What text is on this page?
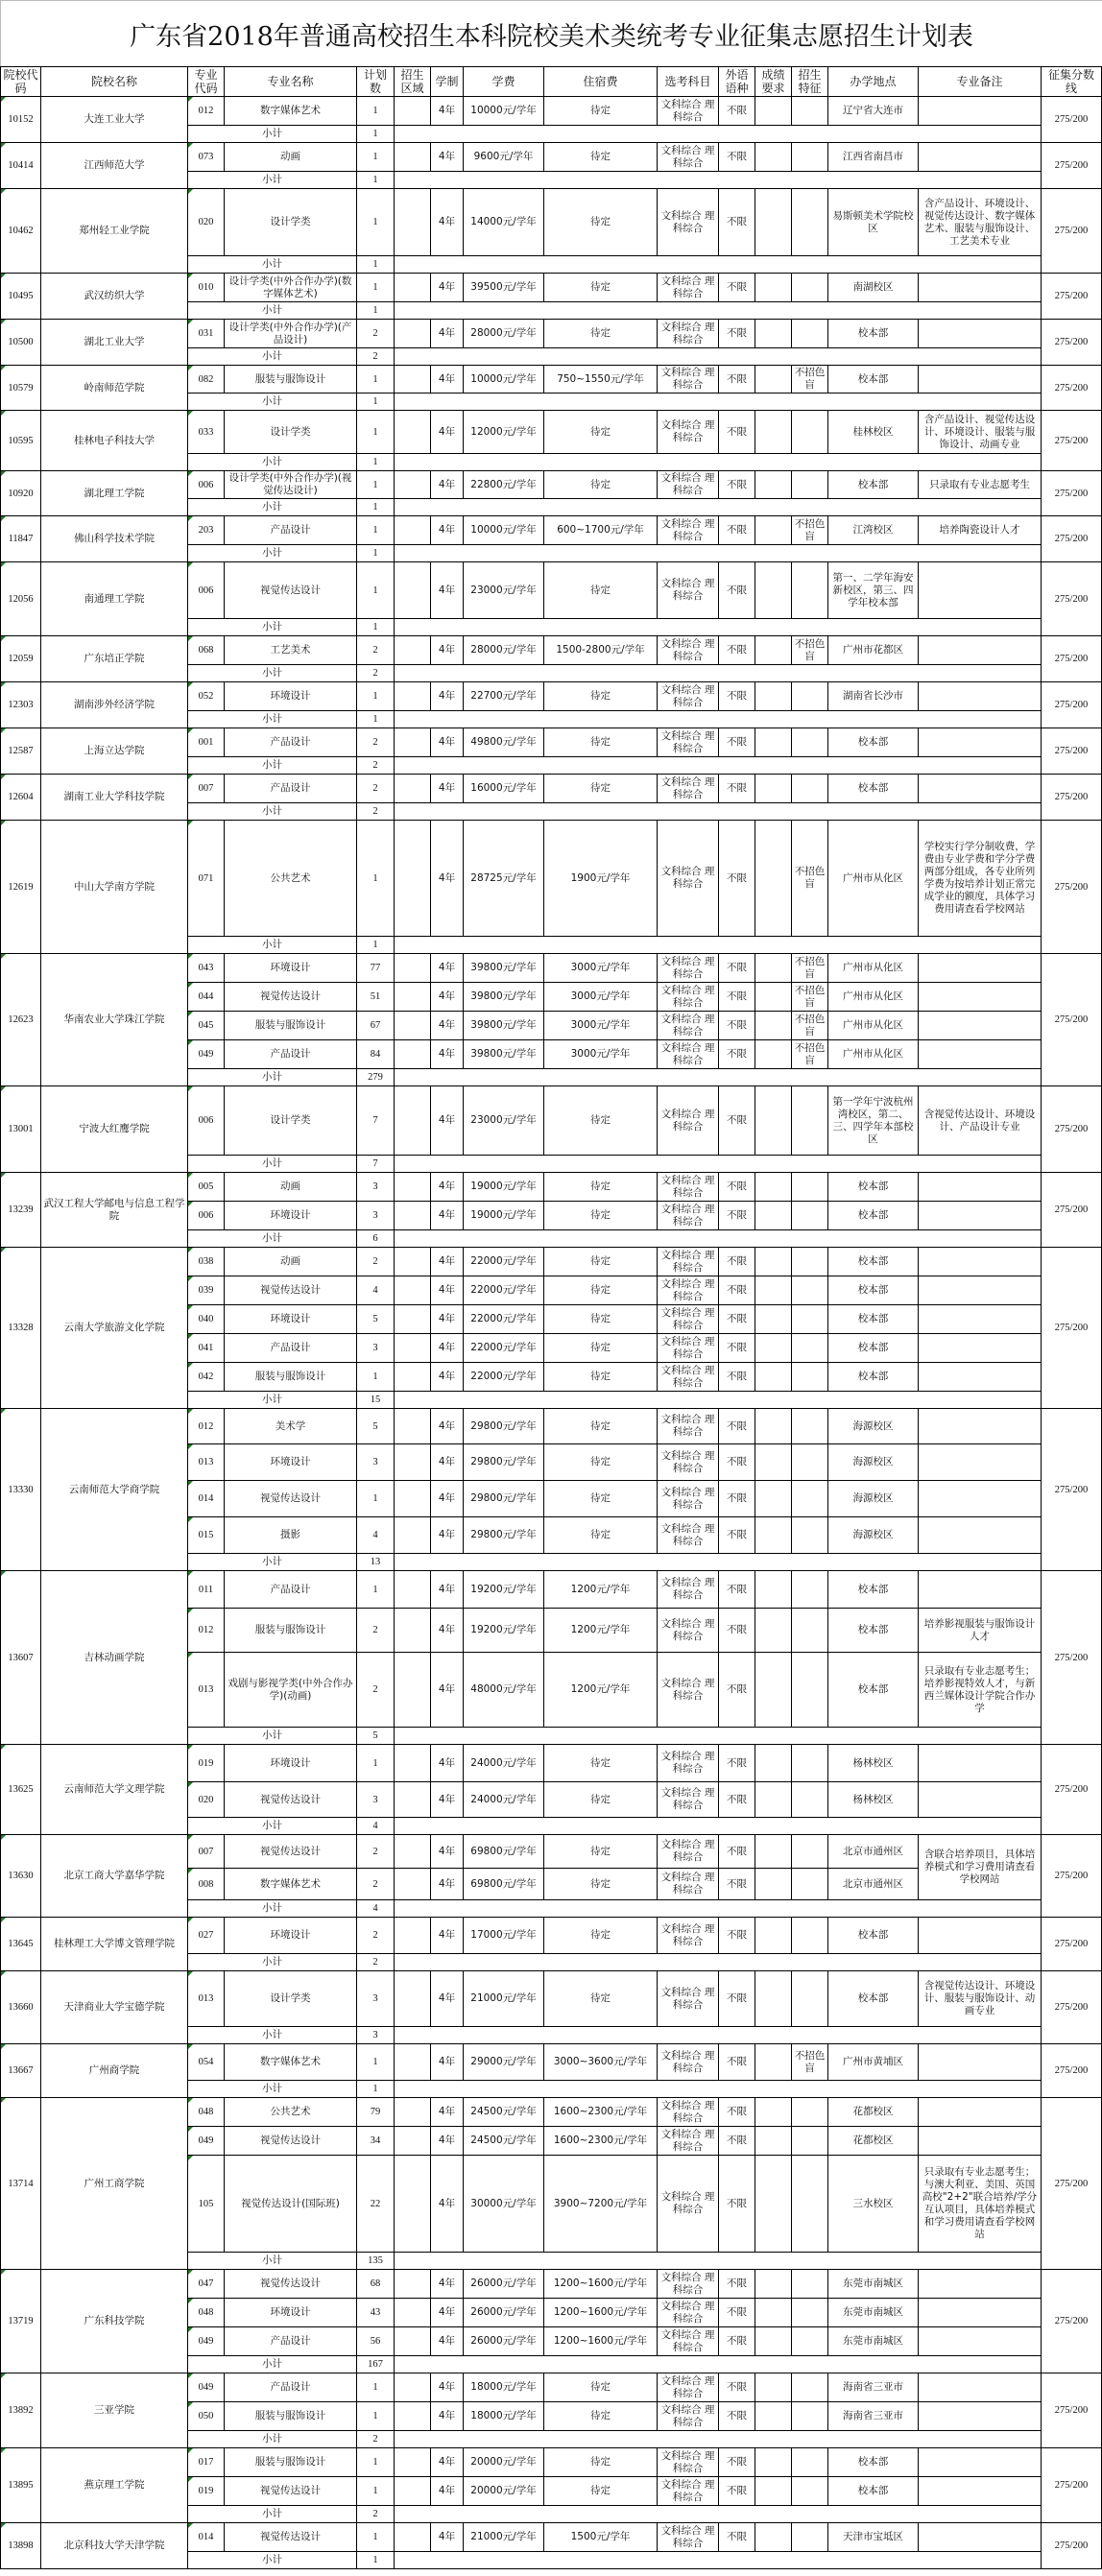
广东省2018年普通高校招生本科院校美术类统考专业征集志愿招生计划表
院校代码	院校名称	专业代码	专业名称	计划数	招生区域	学制	学费	住宿费	选考科目	外语语种	成绩要求	招生特征	办学地点	专业备注	征集分数线
10152	大连工业大学	012	数字媒体艺术	1		4年	10000元/学年	待定	文科综合 理科综合	不限			辽宁省大连市		275/200
		小计		1											
10414	江西师范大学	073	动画	1		4年	9600元/学年	待定	文科综合 理科综合	不限			江西省南昌市		275/200
		小计		1											
10462	郑州轻工业学院	020	设计学类	1		4年	14000元/学年	待定	文科综合 理科综合	不限			易斯顿美术学院校区	含产品设计、环境设计、视觉传达设计、数字媒体艺术、服装与服饰设计、工艺美术专业	275/200
		小计		1											
10495	武汉纺织大学	010	设计学类(中外合作办学)(数字媒体艺术)	1		4年	39500元/学年	待定	文科综合 理科综合	不限			南湖校区		275/200
		小计		1											
10500	湖北工业大学	031	设计学类(中外合作办学)(产品设计)	2		4年	28000元/学年	待定	文科综合 理科综合	不限			校本部		275/200
		小计		2											
10579	岭南师范学院	082	服装与服饰设计	1		4年	10000元/学年	750~1550元/学年	文科综合 理科综合	不限		不招色盲	校本部		275/200
		小计		1											
10595	桂林电子科技大学	033	设计学类	1		4年	12000元/学年	待定	文科综合 理科综合	不限			桂林校区	含产品设计、视觉传达设计、环境设计、服装与服饰设计、动画专业	275/200
		小计		1											
10920	湖北理工学院	006	设计学类(中外合作办学)(视觉传达设计)	1		4年	22800元/学年	待定	文科综合 理科综合	不限			校本部	只录取有专业志愿考生	275/200
		小计		1											
11847	佛山科学技术学院	203	产品设计	1		4年	10000元/学年	600~1700元/学年	文科综合 理科综合	不限		不招色盲	江湾校区	培养陶瓷设计人才	275/200
		小计		1											
12056	南通理工学院	006	视觉传达设计	1		4年	23000元/学年	待定	文科综合 理科综合	不限			第一、二学年海安新校区，第三、四学年校本部		275/200
		小计		1											
12059	广东培正学院	068	工艺美术	2		4年	28000元/学年	1500-2800元/学年	文科综合 理科综合	不限		不招色盲	广州市花都区		275/200
		小计		2											
12303	湖南涉外经济学院	052	环境设计	1		4年	22700元/学年	待定	文科综合 理科综合	不限			湖南省长沙市		275/200
		小计		1											
12587	上海立达学院	001	产品设计	2		4年	49800元/学年	待定	文科综合 理科综合	不限			校本部		275/200
		小计		2											
12604	湖南工业大学科技学院	007	产品设计	2		4年	16000元/学年	待定	文科综合 理科综合	不限			校本部		275/200
		小计		2											
12619	中山大学南方学院	071	公共艺术	1		4年	28725元/学年	1900元/学年	文科综合 理科综合	不限		不招色盲	广州市从化区	学校实行学分制收费，学费由专业学费和学分学费两部分组成，各专业所列学费为按培养计划正常完成学业的额度，具体学习费用请查看学校网站	275/200
		小计		1											
12623	华南农业大学珠江学院	043	环境设计	77		4年	39800元/学年	3000元/学年	文科综合 理科综合	不限		不招色盲	广州市从化区		275/200
		044	视觉传达设计	51		4年	39800元/学年	3000元/学年	文科综合 理科综合	不限		不招色盲	广州市从化区		
		045	服装与服饰设计	67		4年	39800元/学年	3000元/学年	文科综合 理科综合	不限		不招色盲	广州市从化区		
		049	产品设计	84		4年	39800元/学年	3000元/学年	文科综合 理科综合	不限		不招色盲	广州市从化区		
		小计		279											
13001	宁波大红鹰学院	006	设计学类	7		4年	23000元/学年	待定	文科综合 理科综合	不限			第一学年宁波杭州湾校区，第二、三、四学年本部校区	含视觉传达设计、环境设计、产品设计专业	275/200
		小计		7											
13239	武汉工程大学邮电与信息工程学院	005	动画	3		4年	19000元/学年	待定	文科综合 理科综合	不限			校本部		275/200
		006	环境设计	3		4年	19000元/学年	待定	文科综合 理科综合	不限			校本部		
		小计		6											
13328	云南大学旅游文化学院	038	动画	2		4年	22000元/学年	待定	文科综合 理科综合	不限			校本部		275/200
		039	视觉传达设计	4		4年	22000元/学年	待定	文科综合 理科综合	不限			校本部		
		040	环境设计	5		4年	22000元/学年	待定	文科综合 理科综合	不限			校本部		
		041	产品设计	3		4年	22000元/学年	待定	文科综合 理科综合	不限			校本部		
		042	服装与服饰设计	1		4年	22000元/学年	待定	文科综合 理科综合	不限			校本部		
		小计		15											
13330	云南师范大学商学院	012	美术学	5		4年	29800元/学年	待定	文科综合 理科综合	不限			海源校区		275/200
		013	环境设计	3		4年	29800元/学年	待定	文科综合 理科综合	不限			海源校区		
		014	视觉传达设计	1		4年	29800元/学年	待定	文科综合 理科综合	不限			海源校区		
		015	摄影	4		4年	29800元/学年	待定	文科综合 理科综合	不限			海源校区		
		小计		13											
13607	吉林动画学院	011	产品设计	1		4年	19200元/学年	1200元/学年	文科综合 理科综合	不限			校本部		275/200
		012	服装与服饰设计	2		4年	19200元/学年	1200元/学年	文科综合 理科综合	不限			校本部	培养影视服装与服饰设计人才	
		013	戏剧与影视学类(中外合作办学)(动画)	2		4年	48000元/学年	1200元/学年	文科综合 理科综合	不限			校本部	只录取有专业志愿考生；培养影视特效人才，与新西兰媒体设计学院合作办学	
		小计		5											
13625	云南师范大学文理学院	019	环境设计	1		4年	24000元/学年	待定	文科综合 理科综合	不限			杨林校区		275/200
		020	视觉传达设计	3		4年	24000元/学年	待定	文科综合 理科综合	不限			杨林校区		
		小计		4											
13630	北京工商大学嘉华学院	007	视觉传达设计	2		4年	69800元/学年	待定	文科综合 理科综合	不限			北京市通州区	含联合培养项目，具体培养模式和学习费用请查看学校网站	275/200
		008	数字媒体艺术	2		4年	69800元/学年	待定	文科综合 理科综合	不限			北京市通州区		
		小计		4											
13645	桂林理工大学博文管理学院	027	环境设计	2		4年	17000元/学年	待定	文科综合 理科综合	不限			校本部		275/200
		小计		2											
13660	天津商业大学宝德学院	013	设计学类	3		4年	21000元/学年	待定	文科综合 理科综合	不限			校本部	含视觉传达设计、环境设计、服装与服饰设计、动画专业	275/200
		小计		3											
13667	广州商学院	054	数字媒体艺术	1		4年	29000元/学年	3000~3600元/学年	文科综合 理科综合	不限		不招色盲	广州市黄埔区		275/200
		小计		1											
13714	广州工商学院	048	公共艺术	79		4年	24500元/学年	1600~2300元/学年	文科综合 理科综合	不限			花都校区		275/200
		049	视觉传达设计	34		4年	24500元/学年	1600~2300元/学年	文科综合 理科综合	不限			花都校区		
		105	视觉传达设计(国际班)	22		4年	30000元/学年	3900~7200元/学年	文科综合 理科综合	不限			三水校区	只录取有专业志愿考生；与澳大利亚、美国、英国高校"2+2"联合培养/学分互认项目，具体培养模式和学习费用请查看学校网站	
		小计		135											
13719	广东科技学院	047	视觉传达设计	68		4年	26000元/学年	1200~1600元/学年	文科综合 理科综合	不限			东莞市南城区		275/200
		048	环境设计	43		4年	26000元/学年	1200~1600元/学年	文科综合 理科综合	不限			东莞市南城区		
		049	产品设计	56		4年	26000元/学年	1200~1600元/学年	文科综合 理科综合	不限			东莞市南城区		
		小计		167											
13892	三亚学院	049	产品设计	1		4年	18000元/学年	待定	文科综合 理科综合	不限			海南省三亚市		275/200
		050	服装与服饰设计	1		4年	18000元/学年	待定	文科综合 理科综合	不限			海南省三亚市		
		小计		2											
13895	燕京理工学院	017	服装与服饰设计	1		4年	20000元/学年	待定	文科综合 理科综合	不限			校本部		275/200
		019	视觉传达设计	1		4年	20000元/学年	待定	文科综合 理科综合	不限			校本部		
		小计		2											
13898	北京科技大学天津学院	014	视觉传达设计	1		4年	21000元/学年	1500元/学年	文科综合 理科综合	不限			天津市宝坻区		275/200
		小计		1											
